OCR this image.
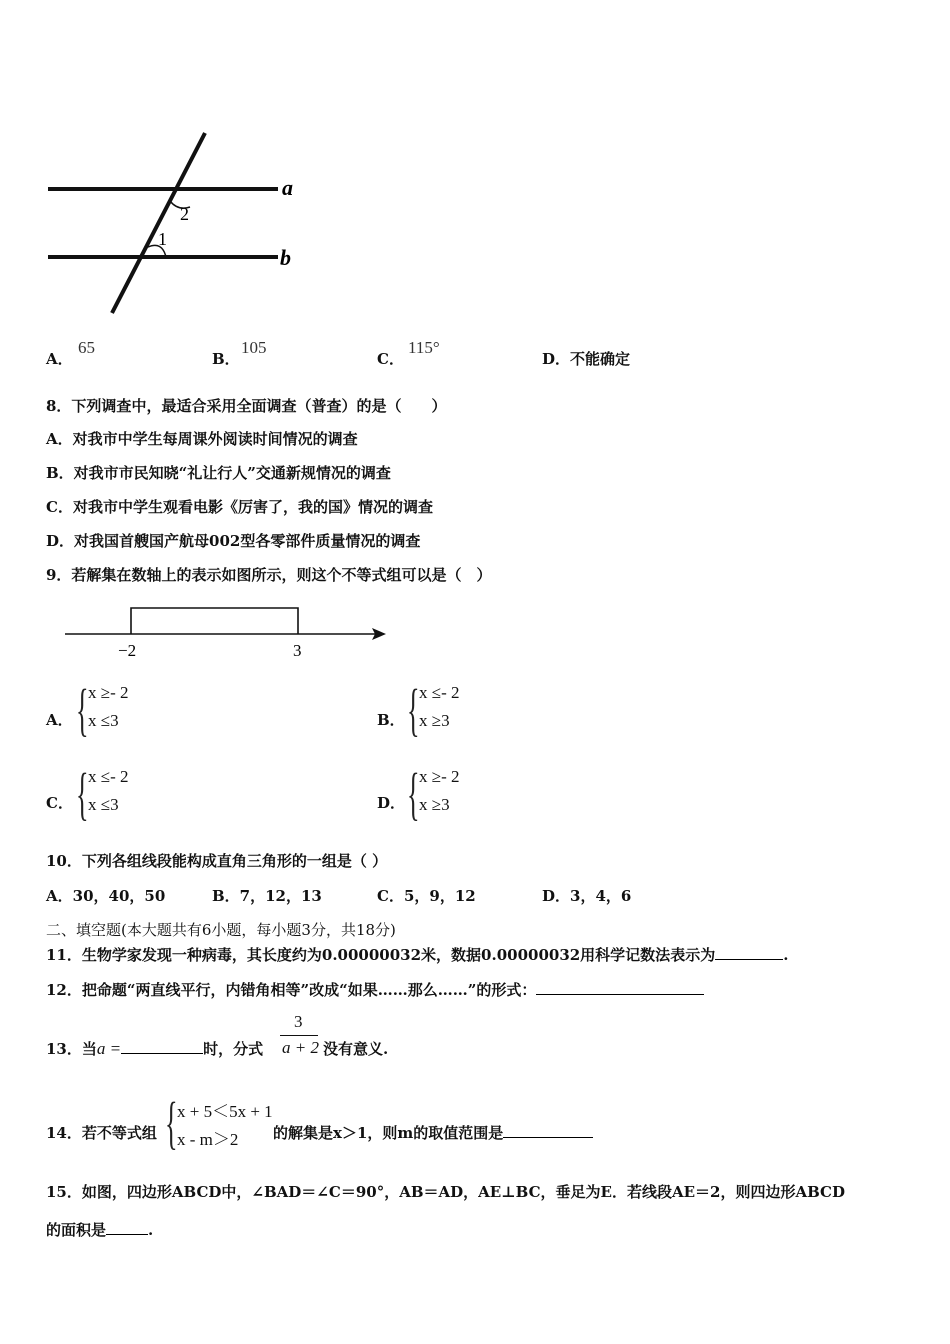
a
b
2
1
A．
65
B．
105
C．
115°
D．不能确定
8．下列调查中，最适合采用全面调查（普查）的是（　　）
A．对我市中学生每周课外阅读时间情况的调查
B．对我市市民知晓“礼让行人”交通新规情况的调查
C．对我市中学生观看电影《厉害了，我的国》情况的调查
D．对我国首艘国产航母002型各零部件质量情况的调查
9．若解集在数轴上的表示如图所示，则这个不等式组可以是（　）
−2	3
A． { x ≥- 2
x ≤3	B． { x ≤- 2
x ≥3
C． { x ≤- 2
x ≤3	D． { x ≥- 2
x ≥3
10．下列各组线段能构成直角三角形的一组是（ ）
A．30，40，50	B．7，12，13	C．5，9，12	D．3，4，6
二、填空题(本大题共有6小题，每小题3分，共18分)
11．生物学家发现一种病毒，其长度约为0.00000032米，数据0.00000032用科学记数法表示为	.
12．把命题“两直线平行，内错角相等”改成“如果……那么……”的形式：
13．当a =	时，分式
3
a + 2 没有意义.
14．若不等式组 { x + 5＜5x + 1
x - m＞2 的解集是x＞1，则m的取值范围是
15．如图，四边形ABCD中，∠BAD＝∠C＝90°，AB＝AD，AE⊥BC，垂足为E．若线段AE＝2，则四边形ABCD
的面积是	.
